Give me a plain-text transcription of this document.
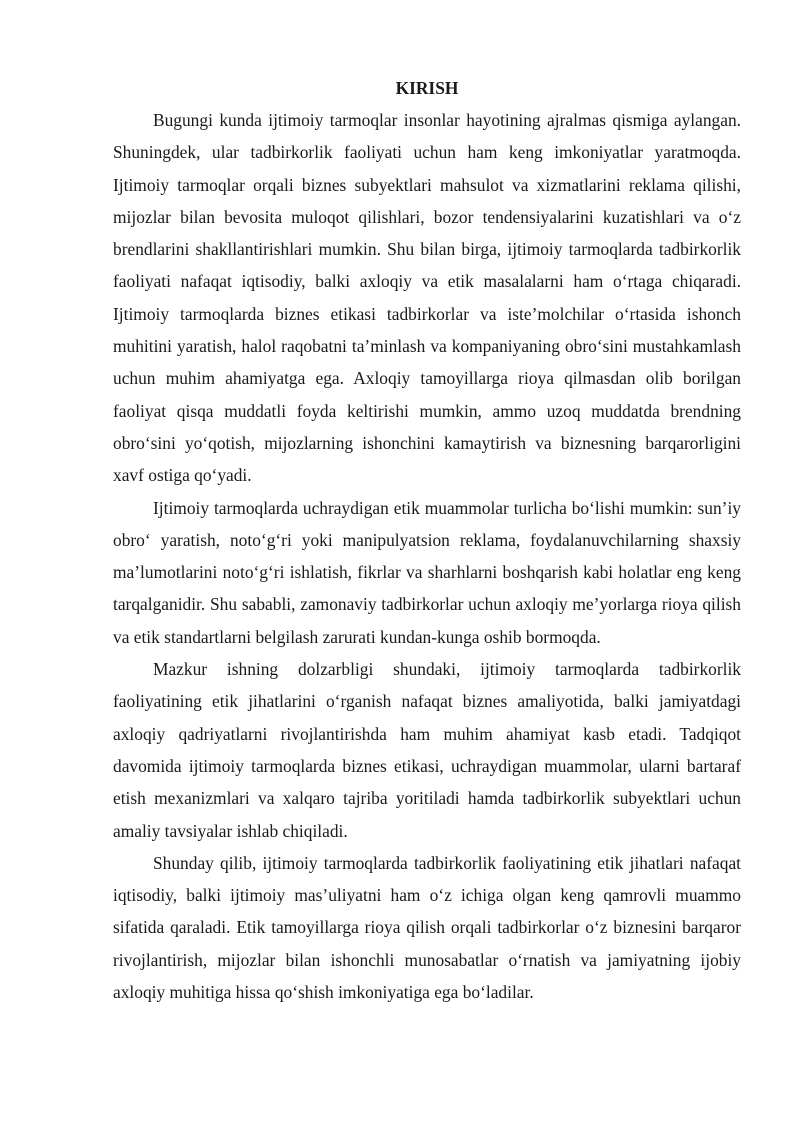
KIRISH

Bugungi kunda ijtimoiy tarmoqlar insonlar hayotining ajralmas qismiga aylangan. Shuningdek, ular tadbirkorlik faoliyati uchun ham keng imkoniyatlar yaratmoqda. Ijtimoiy tarmoqlar orqali biznes subyektlari mahsulot va xizmatlarini reklama qilishi, mijozlar bilan bevosita muloqot qilishlari, bozor tendensiyalarini kuzatishlari va o‘z brendlarini shakllantirishlari mumkin. Shu bilan birga, ijtimoiy tarmoqlarda tadbirkorlik faoliyati nafaqat iqtisodiy, balki axloqiy va etik masalalarni ham o‘rtaga chiqaradi. Ijtimoiy tarmoqlarda biznes etikasi tadbirkorlar va iste’molchilar o‘rtasida ishonch muhitini yaratish, halol raqobatni ta’minlash va kompaniyaning obro‘sini mustahkamlash uchun muhim ahamiyatga ega. Axloqiy tamoyillarga rioya qilmasdan olib borilgan faoliyat qisqa muddatli foyda keltirishi mumkin, ammo uzoq muddatda brendning obro‘sini yo‘qotish, mijozlarning ishonchini kamaytirish va biznesning barqarorligini xavf ostiga qo‘yadi.

Ijtimoiy tarmoqlarda uchraydigan etik muammolar turlicha bo‘lishi mumkin: sun’iy obro‘ yaratish, noto‘g‘ri yoki manipulyatsion reklama, foydalanuvchilarning shaxsiy ma’lumotlarini noto‘g‘ri ishlatish, fikrlar va sharhlarni boshqarish kabi holatlar eng keng tarqalganidir. Shu sababli, zamonaviy tadbirkorlar uchun axloqiy me’yorlarga rioya qilish va etik standartlarni belgilash zarurati kundan-kunga oshib bormoqda.

Mazkur ishning dolzarbligi shundaki, ijtimoiy tarmoqlarda tadbirkorlik faoliyatining etik jihatlarini o‘rganish nafaqat biznes amaliyotida, balki jamiyatdagi axloqiy qadriyatlarni rivojlantirishda ham muhim ahamiyat kasb etadi. Tadqiqot davomida ijtimoiy tarmoqlarda biznes etikasi, uchraydigan muammolar, ularni bartaraf etish mexanizmlari va xalqaro tajriba yoritiladi hamda tadbirkorlik subyektlari uchun amaliy tavsiyalar ishlab chiqiladi.

Shunday qilib, ijtimoiy tarmoqlarda tadbirkorlik faoliyatining etik jihatlari nafaqat iqtisodiy, balki ijtimoiy mas’uliyatni ham o‘z ichiga olgan keng qamrovli muammo sifatida qaraladi. Etik tamoyillarga rioya qilish orqali tadbirkorlar o‘z biznesini barqaror rivojlantirish, mijozlar bilan ishonchli munosabatlar o‘rnatish va jamiyatning ijobiy axloqiy muhitiga hissa qo‘shish imkoniyatiga ega bo‘ladilar.
